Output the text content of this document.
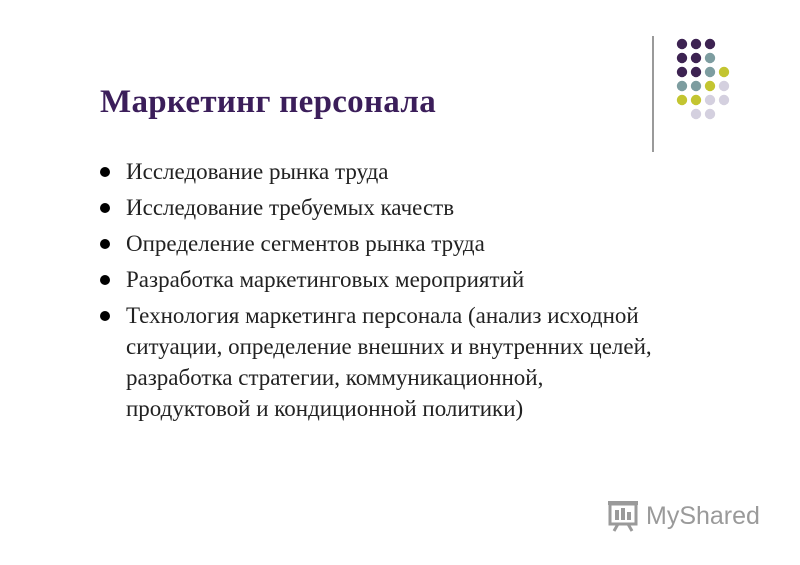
Маркетинг персонала
Исследование рынка труда
Исследование требуемых качеств
Определение сегментов рынка труда
Разработка маркетинговых мероприятий
Технология маркетинга персонала (анализ исходной ситуации, определение внешних и внутренних целей, разработка стратегии, коммуникационной, продуктовой и кондиционной политики)
MyShared
